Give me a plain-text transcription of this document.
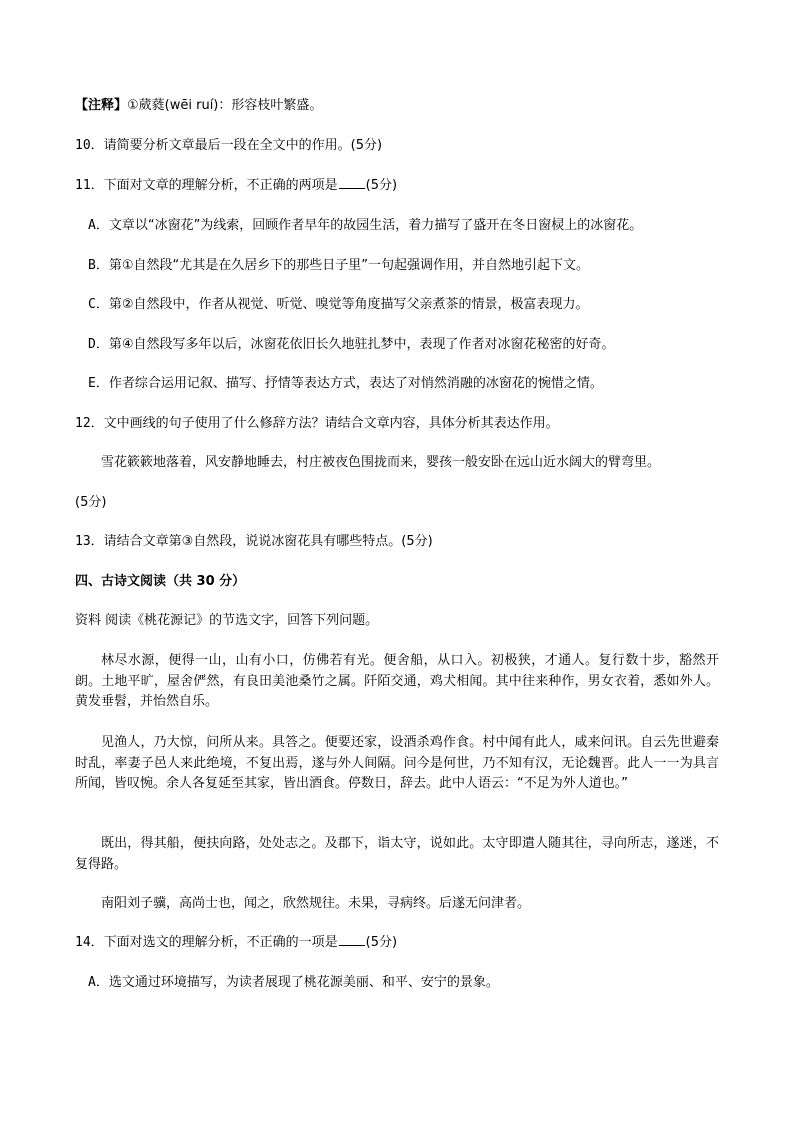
【注释】①葳蕤(wēi ruí)：形容枝叶繁盛。
10．请简要分析文章最后一段在全文中的作用。(5分)
11．下面对文章的理解分析，不正确的两项是 (5分)
A．文章以“冰窗花”为线索，回顾作者早年的故园生活，着力描写了盛开在冬日窗棂上的冰窗花。
B．第①自然段“尤其是在久居乡下的那些日子里”一句起强调作用，并自然地引起下文。
C．第②自然段中，作者从视觉、听觉、嗅觉等角度描写父亲煮茶的情景，极富表现力。
D．第④自然段写多年以后，冰窗花依旧长久地驻扎梦中，表现了作者对冰窗花秘密的好奇。
E．作者综合运用记叙、描写、抒情等表达方式，表达了对悄然消融的冰窗花的惋惜之情。
12．文中画线的句子使用了什么修辞方法？请结合文章内容，具体分析其表达作用。
雪花簌簌地落着，风安静地睡去，村庄被夜色围拢而来，婴孩一般安卧在远山近水阔大的臂弯里。
(5分)
13．请结合文章第③自然段，说说冰窗花具有哪些特点。(5分)
四、古诗文阅读（共 30 分）
资料 阅读《桃花源记》的节选文字，回答下列问题。
林尽水源，便得一山，山有小口，仿佛若有光。便舍船，从口入。初极狭，才通人。复行数十步，豁然开朗。土地平旷，屋舍俨然，有良田美池桑竹之属。阡陌交通，鸡犬相闻。其中往来种作，男女衣着，悉如外人。黄发垂髫，并怡然自乐。
见渔人，乃大惊，问所从来。具答之。便要还家，设酒杀鸡作食。村中闻有此人，咸来问讯。自云先世避秦时乱，率妻子邑人来此绝境，不复出焉，遂与外人间隔。问今是何世，乃不知有汉，无论魏晋。此人一一为具言所闻，皆叹惋。余人各复延至其家，皆出酒食。停数日，辞去。此中人语云：“不足为外人道也。”
既出，得其船，便扶向路，处处志之。及郡下，诣太守，说如此。太守即遣人随其往，寻向所志，遂迷，不复得路。
南阳刘子骥，高尚士也，闻之，欣然规往。未果，寻病终。后遂无问津者。
14．下面对选文的理解分析，不正确的一项是 (5分)
A．选文通过环境描写，为读者展现了桃花源美丽、和平、安宁的景象。
